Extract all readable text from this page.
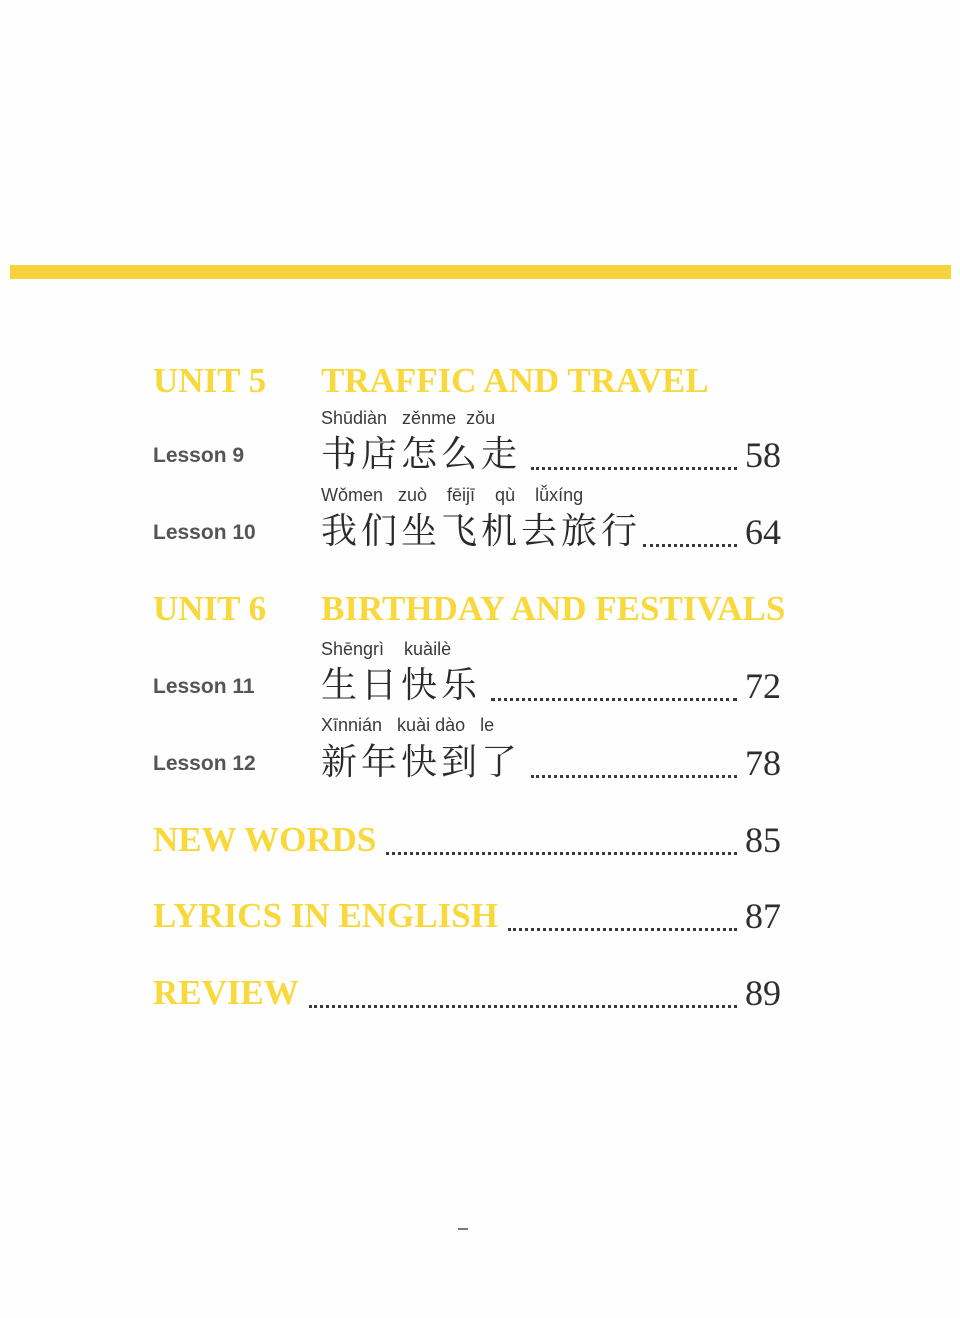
UNIT 5 TRAFFIC AND TRAVEL
Shūdiàn   zěnme  zǒu
Lesson 9 书店怎么走	58
Wǒmen   zuò    fēijī    qù    lǚxíng
Lesson 10 我们坐飞机去旅行	64
UNIT 6 BIRTHDAY AND FESTIVALS
Shēngrì    kuàilè
Lesson 11 生日快乐	72
Xīnnián   kuài dào   le
Lesson 12 新年快到了	78
NEW WORDS	85
LYRICS IN ENGLISH	87
REVIEW	89
